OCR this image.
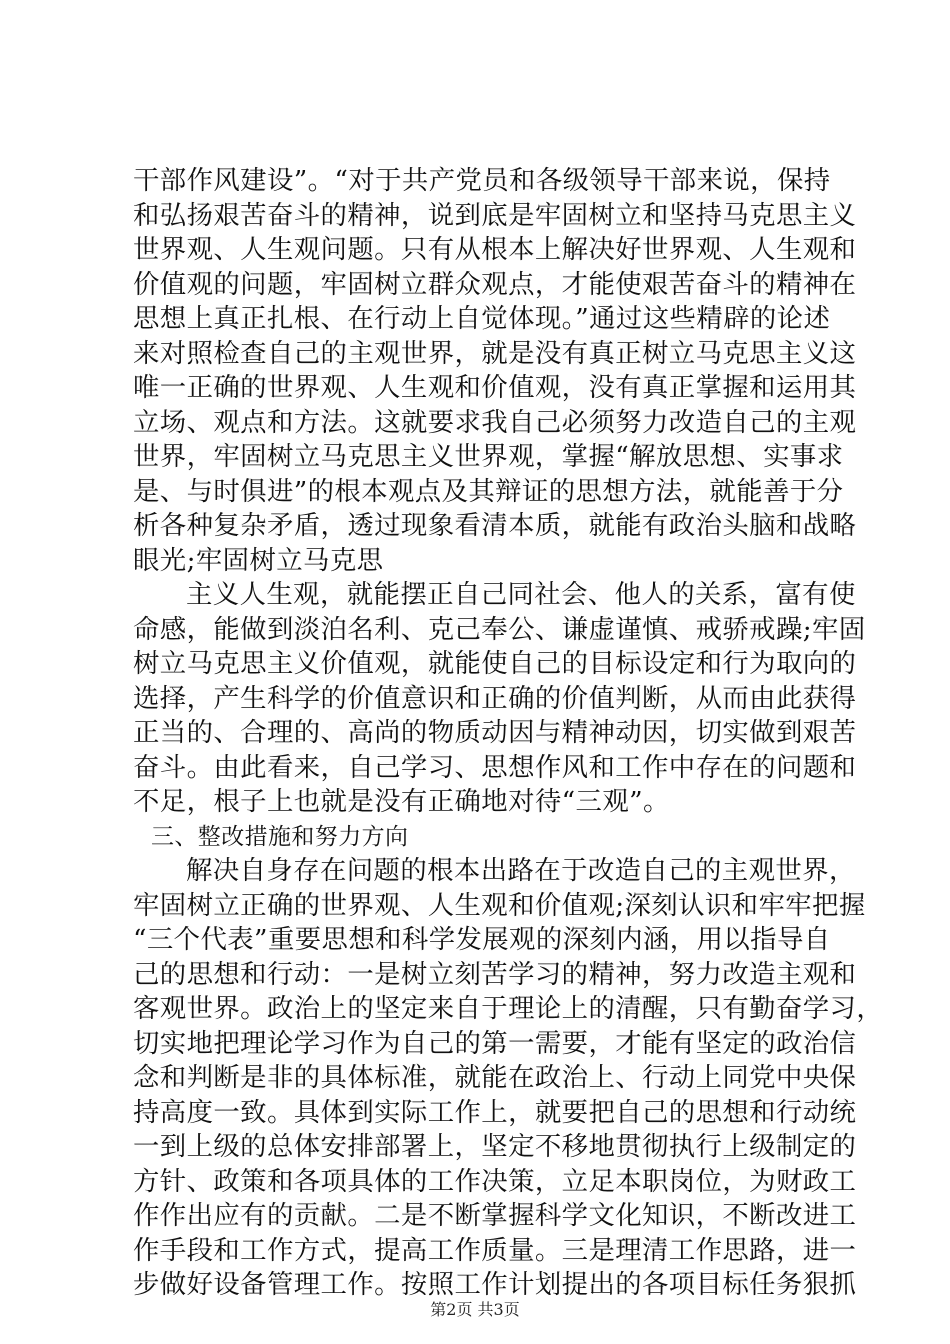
干部作风建设”。“对于共产党员和各级领导干部来说，保持
和弘扬艰苦奋斗的精神，说到底是牢固树立和坚持马克思主义
世界观、人生观问题。只有从根本上解决好世界观、人生观和
价值观的问题，牢固树立群众观点，才能使艰苦奋斗的精神在
思想上真正扎根、在行动上自觉体现。”通过这些精辟的论述
来对照检查自己的主观世界，就是没有真正树立马克思主义这
唯一正确的世界观、人生观和价值观，没有真正掌握和运用其
立场、观点和方法。这就要求我自己必须努力改造自己的主观
世界，牢固树立马克思主义世界观，掌握“解放思想、实事求
是、与时俱进”的根本观点及其辩证的思想方法，就能善于分
析各种复杂矛盾，透过现象看清本质，就能有政治头脑和战略
眼光;牢固树立马克思
主义人生观，就能摆正自己同社会、他人的关系，富有使
命感，能做到淡泊名利、克己奉公、谦虚谨慎、戒骄戒躁;牢固
树立马克思主义价值观，就能使自己的目标设定和行为取向的
选择，产生科学的价值意识和正确的价值判断，从而由此获得
正当的、合理的、高尚的物质动因与精神动因，切实做到艰苦
奋斗。由此看来，自己学习、思想作风和工作中存在的问题和
不足，根子上也就是没有正确地对待“三观”。
三、整改措施和努力方向
解决自身存在问题的根本出路在于改造自己的主观世界，
牢固树立正确的世界观、人生观和价值观;深刻认识和牢牢把握
“三个代表”重要思想和科学发展观的深刻内涵，用以指导自
己的思想和行动：一是树立刻苦学习的精神，努力改造主观和
客观世界。政治上的坚定来自于理论上的清醒，只有勤奋学习，
切实地把理论学习作为自己的第一需要，才能有坚定的政治信
念和判断是非的具体标准，就能在政治上、行动上同党中央保
持高度一致。具体到实际工作上，就要把自己的思想和行动统
一到上级的总体安排部署上，坚定不移地贯彻执行上级制定的
方针、政策和各项具体的工作决策，立足本职岗位，为财政工
作作出应有的贡献。二是不断掌握科学文化知识，不断改进工
作手段和工作方式，提高工作质量。三是理清工作思路，进一
步做好设备管理工作。按照工作计划提出的各项目标任务狠抓
第2页 共3页
